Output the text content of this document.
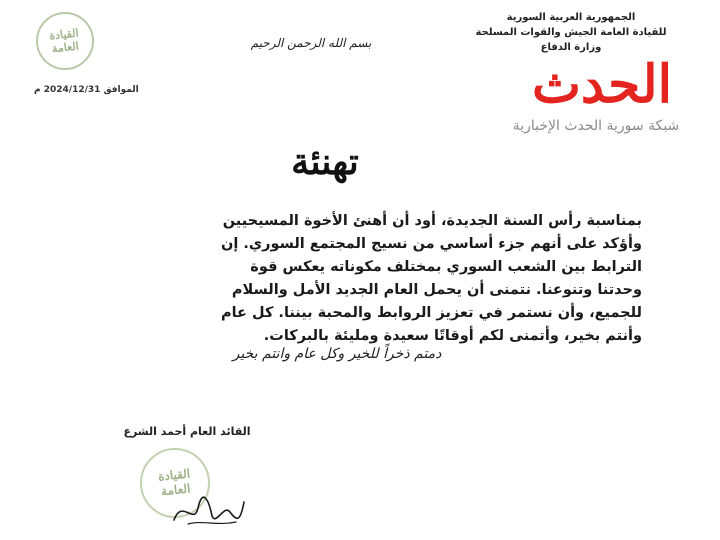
الجمهورية العربية السورية
للقيادة العامة الجيش والقوات المسلحة
وزارة الدفاع
القيادة
العامة	بسم الله الرحمن الرحيم
الموافق 2024/12/31 م	الحدث
شبكة سورية الحدث الإخبارية
تهنئة
بمناسبة رأس السنة الجديدة، أود أن أهنئ الأخوة المسيحيين
وأؤكد على أنهم جزء أساسي من نسيج المجتمع السوري. إن
الترابط بين الشعب السوري بمختلف مكوناته يعكس قوة
وحدتنا وتنوعنا. نتمنى أن يحمل العام الجديد الأمل والسلام
للجميع، وأن نستمر في تعزيز الروابط والمحبة بيننا. كل عام
وأنتم بخير، وأتمنى لكم أوقاتًا سعيدة ومليئة بالبركات.
دمتم ذخراً للخير وكل عام وانتم بخير
القائد العام أحمد الشرع
القيادة
العامة
